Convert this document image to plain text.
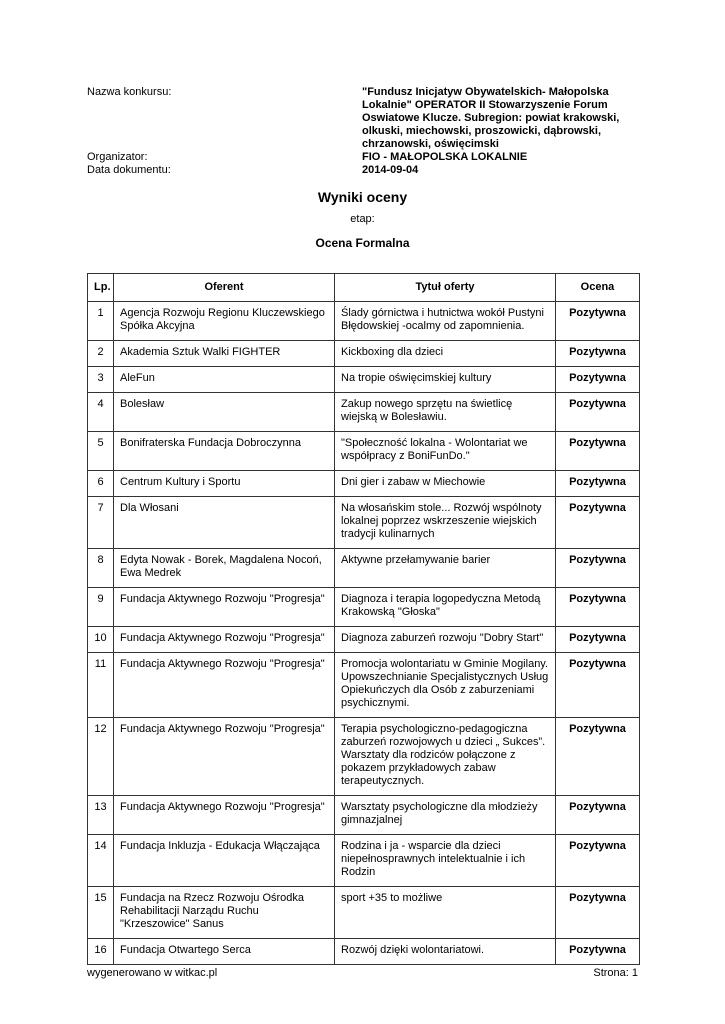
Nazwa konkursu:	"Fundusz Inicjatyw Obywatelskich- Małopolska Lokalnie" OPERATOR II Stowarzyszenie Forum Oswiatowe Klucze. Subregion: powiat krakowski, olkuski, miechowski, proszowicki, dąbrowski, chrzanowski, oświęcimski
Organizator:	FIO - MAŁOPOLSKA LOKALNIE
Data dokumentu:	2014-09-04
Wyniki oceny
etap:
Ocena Formalna
Lp.	Oferent	Tytuł oferty	Ocena
1	Agencja Rozwoju Regionu Kluczewskiego Spółka Akcyjna	Ślady górnictwa i hutnictwa wokół Pustyni Błędowskiej -ocalmy od zapomnienia.	Pozytywna
2	Akademia Sztuk Walki FIGHTER	Kickboxing dla dzieci	Pozytywna
3	AleFun	Na tropie oświęcimskiej kultury	Pozytywna
4	Bolesław	Zakup nowego sprzętu na świetlicę wiejską w Bolesławiu.	Pozytywna
5	Bonifraterska Fundacja Dobroczynna	"Społeczność lokalna - Wolontariat we współpracy z BoniFunDo."	Pozytywna
6	Centrum Kultury i Sportu	Dni gier i zabaw w Miechowie	Pozytywna
7	Dla Włosani	Na włosańskim stole... Rozwój wspólnoty lokalnej poprzez wskrzeszenie wiejskich tradycji kulinarnych	Pozytywna
8	Edyta Nowak - Borek, Magdalena Nocoń, Ewa Medrek	Aktywne przełamywanie barier	Pozytywna
9	Fundacja Aktywnego Rozwoju "Progresja"	Diagnoza i terapia logopedyczna Metodą Krakowską "Głoska"	Pozytywna
10	Fundacja Aktywnego Rozwoju "Progresja"	Diagnoza zaburzeń rozwoju "Dobry Start"	Pozytywna
11	Fundacja Aktywnego Rozwoju "Progresja"	Promocja wolontariatu w Gminie Mogilany. Upowszechnianie Specjalistycznych Usług Opiekuńczych dla Osób z zaburzeniami psychicznymi.	Pozytywna
12	Fundacja Aktywnego Rozwoju "Progresja"	Terapia psychologiczno-pedagogiczna zaburzeń rozwojowych u dzieci „ Sukces”. Warsztaty dla rodziców połączone z pokazem przykładowych zabaw terapeutycznych.	Pozytywna
13	Fundacja Aktywnego Rozwoju "Progresja"	Warsztaty psychologiczne dla młodzieży gimnazjalnej	Pozytywna
14	Fundacja Inkluzja - Edukacja Włączająca	Rodzina i ja - wsparcie dla dzieci niepełnosprawnych intelektualnie i ich Rodzin	Pozytywna
15	Fundacja na Rzecz Rozwoju Ośrodka Rehabilitacji Narządu Ruchu "Krzeszowice" Sanus	sport +35 to możliwe	Pozytywna
16	Fundacja Otwartego Serca	Rozwój dzięki wolontariatowi.	Pozytywna
wygenerowano w witkac.pl	Strona: 1
